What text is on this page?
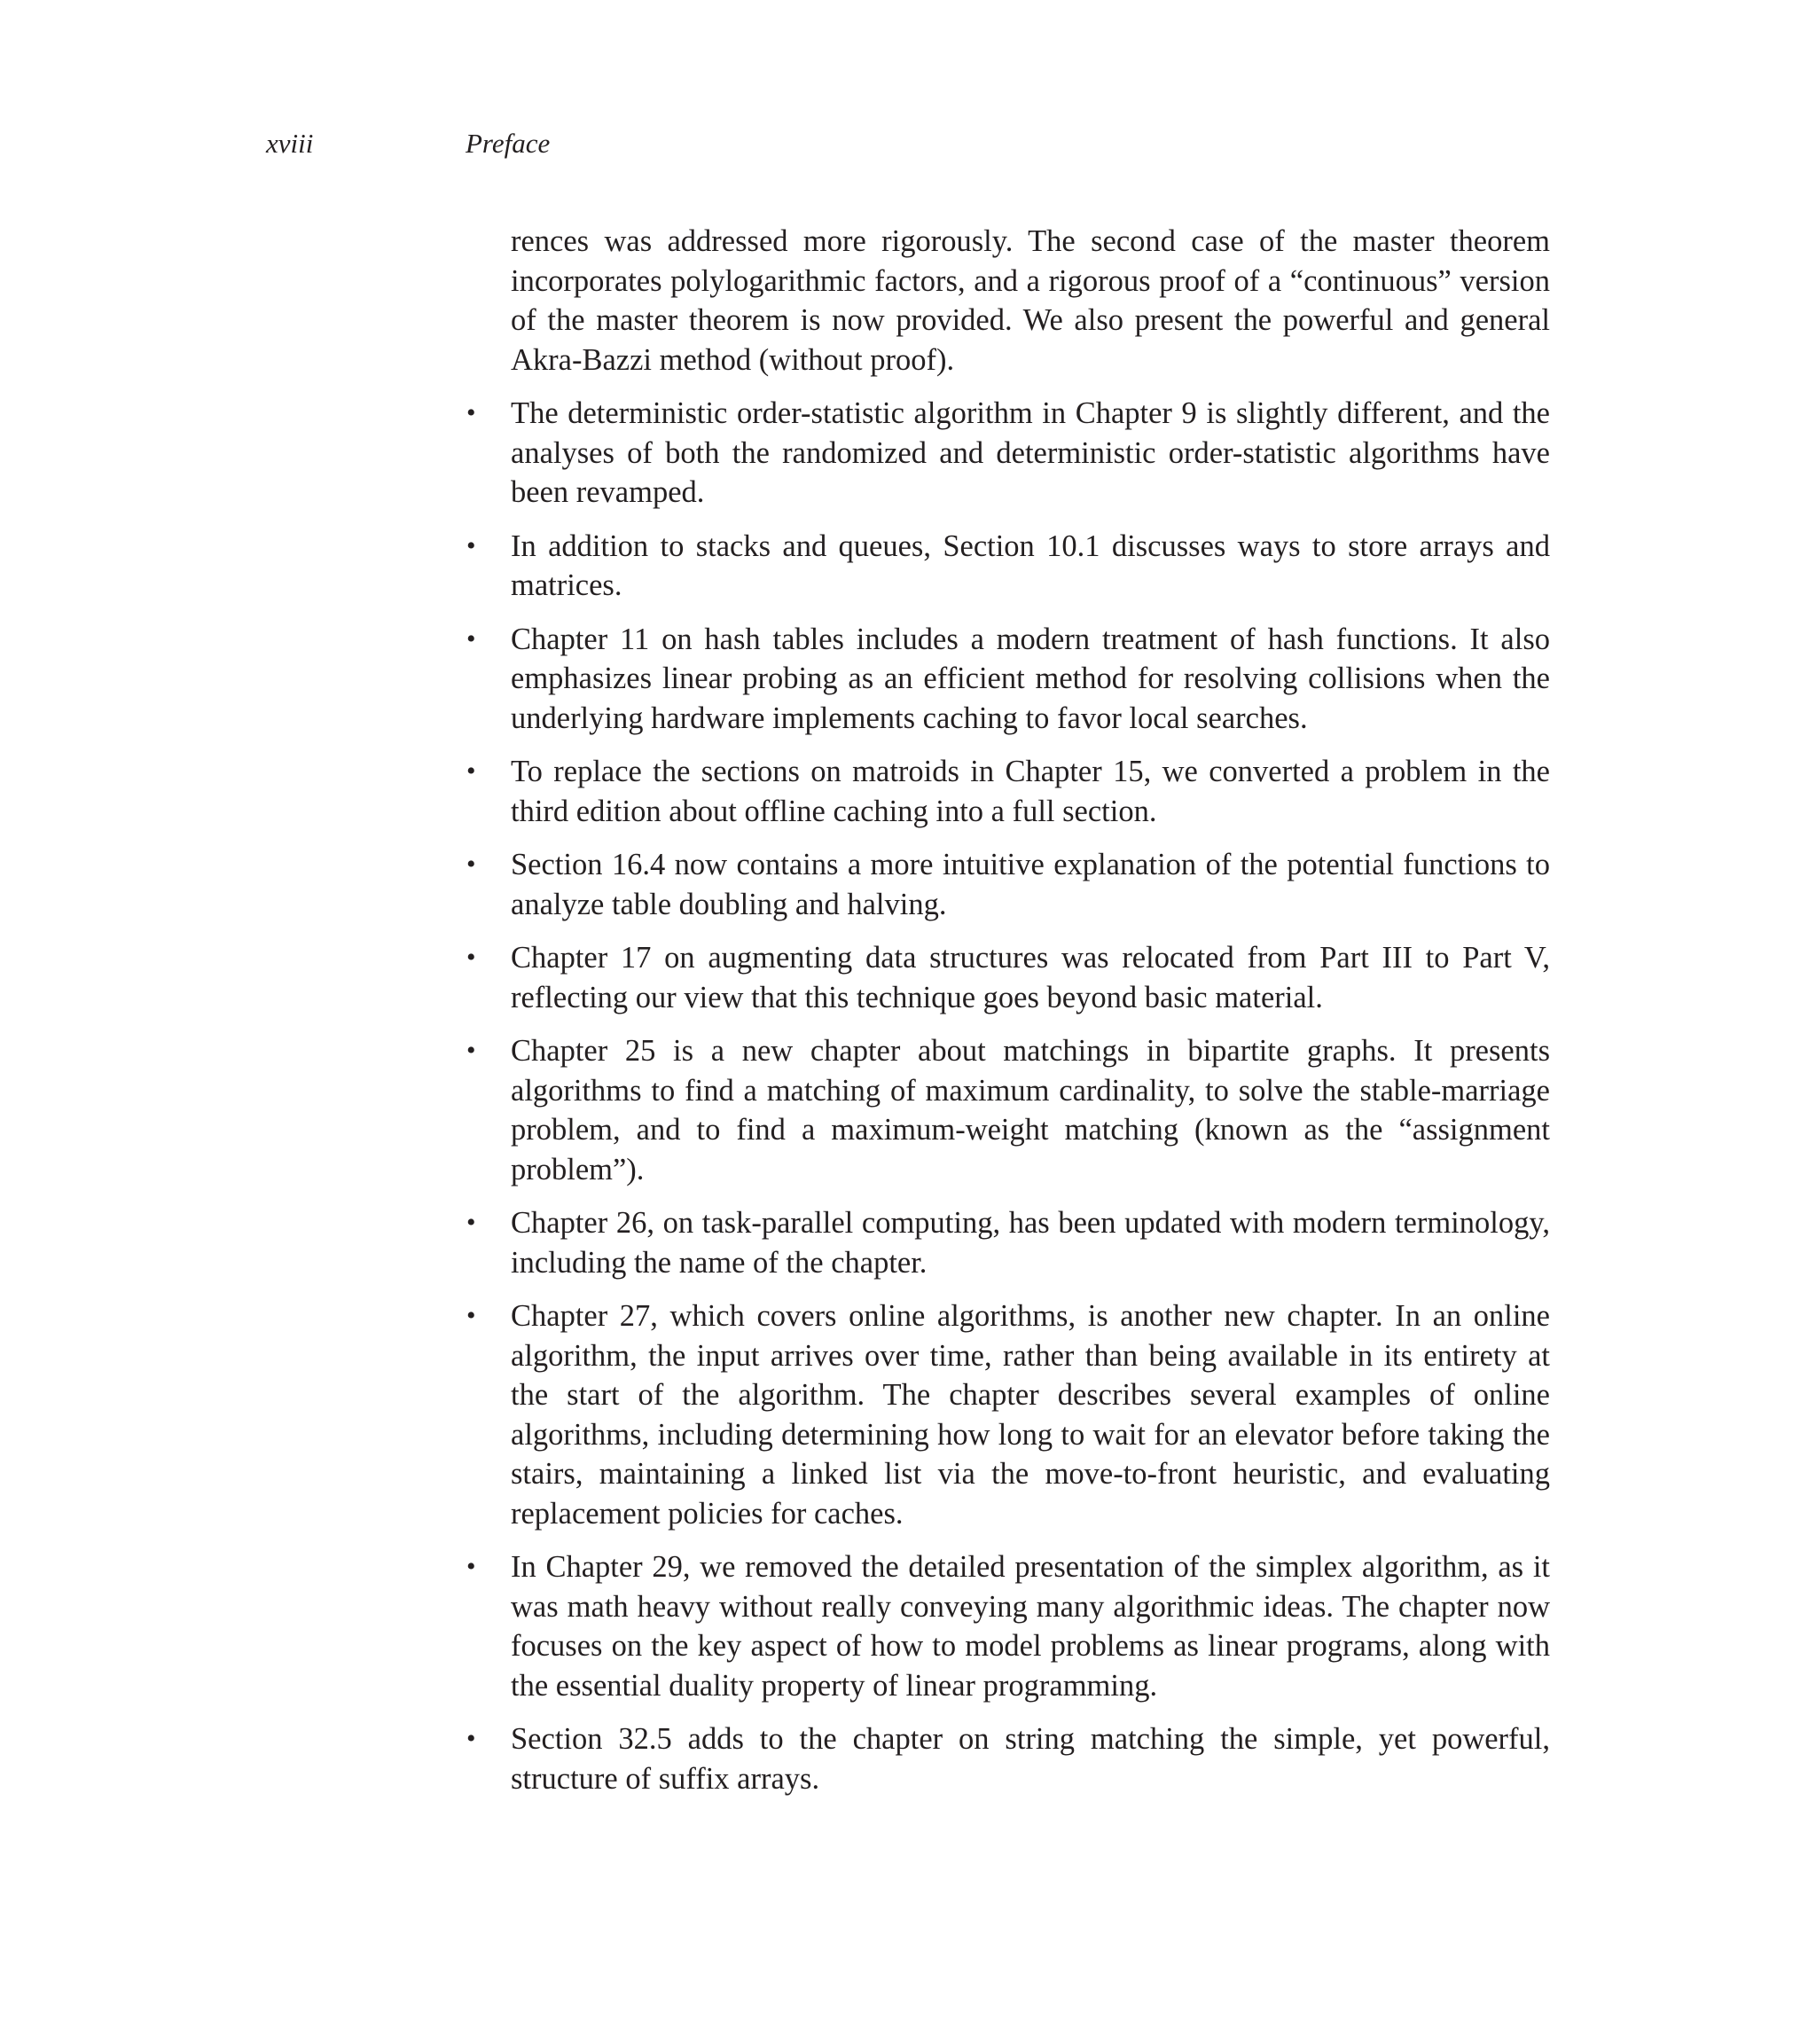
xviii	Preface

rences was addressed more rigorously. The second case of the master theorem incorporates polylogarithmic factors, and a rigorous proof of a “continuous” version of the master theorem is now provided. We also present the powerful and general Akra-Bazzi method (without proof).

• The deterministic order-statistic algorithm in Chapter 9 is slightly different, and the analyses of both the randomized and deterministic order-statistic algorithms have been revamped.
• In addition to stacks and queues, Section 10.1 discusses ways to store arrays and matrices.
• Chapter 11 on hash tables includes a modern treatment of hash functions. It also emphasizes linear probing as an efficient method for resolving collisions when the underlying hardware implements caching to favor local searches.
• To replace the sections on matroids in Chapter 15, we converted a problem in the third edition about offline caching into a full section.
• Section 16.4 now contains a more intuitive explanation of the potential functions to analyze table doubling and halving.
• Chapter 17 on augmenting data structures was relocated from Part III to Part V, reflecting our view that this technique goes beyond basic material.
• Chapter 25 is a new chapter about matchings in bipartite graphs. It presents algorithms to find a matching of maximum cardinality, to solve the stable-marriage problem, and to find a maximum-weight matching (known as the “assignment problem”).
• Chapter 26, on task-parallel computing, has been updated with modern terminology, including the name of the chapter.
• Chapter 27, which covers online algorithms, is another new chapter. In an online algorithm, the input arrives over time, rather than being available in its entirety at the start of the algorithm. The chapter describes several examples of online algorithms, including determining how long to wait for an elevator before taking the stairs, maintaining a linked list via the move-to-front heuristic, and evaluating replacement policies for caches.
• In Chapter 29, we removed the detailed presentation of the simplex algorithm, as it was math heavy without really conveying many algorithmic ideas. The chapter now focuses on the key aspect of how to model problems as linear programs, along with the essential duality property of linear programming.
• Section 32.5 adds to the chapter on string matching the simple, yet powerful, structure of suffix arrays.
